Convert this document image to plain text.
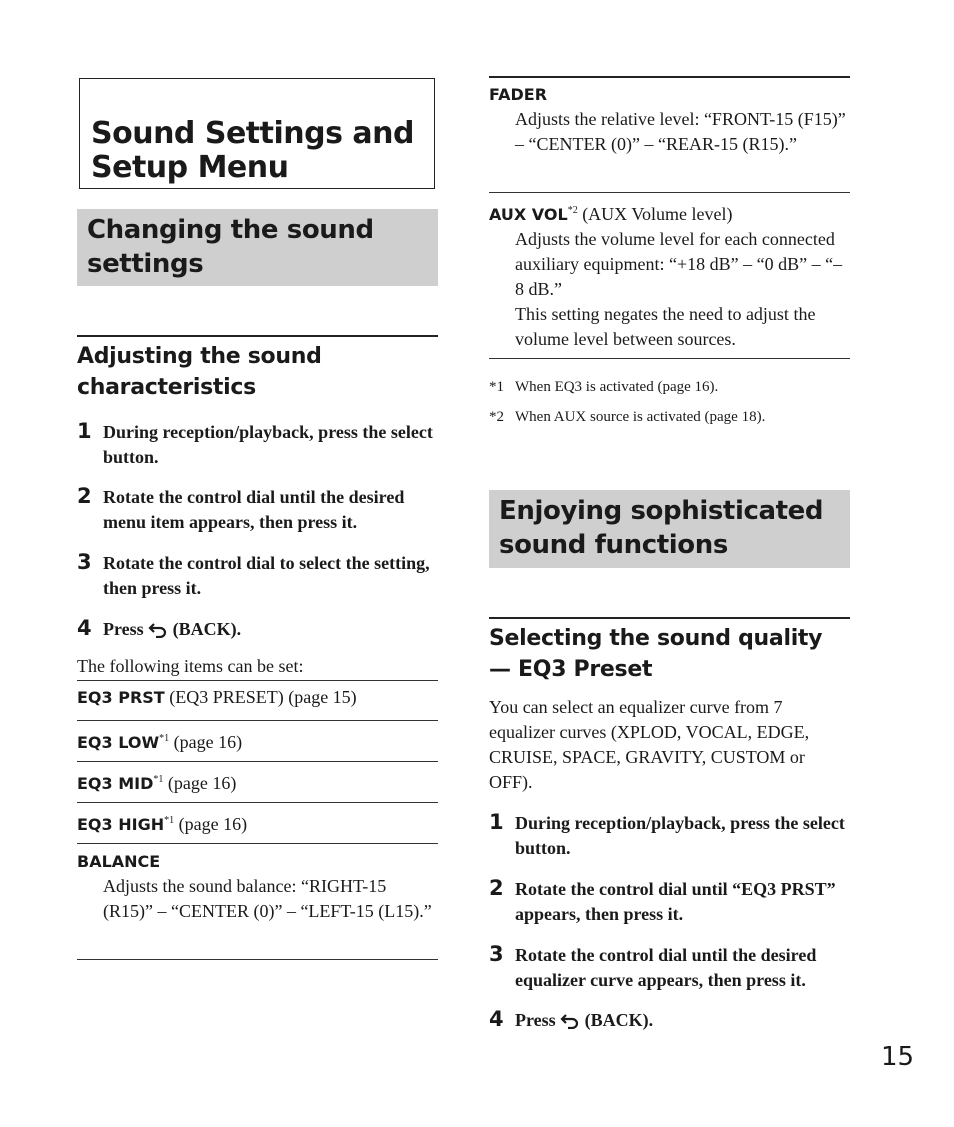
Sound Settings and Setup Menu
Changing the sound settings
Adjusting the sound characteristics
1 During reception/playback, press the select button.
2 Rotate the control dial until the desired menu item appears, then press it.
3 Rotate the control dial to select the setting, then press it.
4 Press (BACK).
The following items can be set:
EQ3 PRST (EQ3 PRESET) (page 15)
EQ3 LOW$^{*1}$ (page 16)
EQ3 MID$^{*1}$ (page 16)
EQ3 HIGH$^{*1}$ (page 16)
BALANCE
Adjusts the sound balance: “RIGHT-15 (R15)” – “CENTER (0)” – “LEFT-15 (L15).”
FADER
Adjusts the relative level: “FRONT-15 (F15)” – “CENTER (0)” – “REAR-15 (R15).”
AUX VOL$^{*2}$ (AUX Volume level)
Adjusts the volume level for each connected auxiliary equipment: “+18 dB” – “0 dB” – “–8 dB.”
This setting negates the need to adjust the volume level between sources.
*1 When EQ3 is activated (page 16).
*2 When AUX source is activated (page 18).
Enjoying sophisticated sound functions
Selecting the sound quality — EQ3 Preset
You can select an equalizer curve from 7 equalizer curves (XPLOD, VOCAL, EDGE, CRUISE, SPACE, GRAVITY, CUSTOM or OFF).
1 During reception/playback, press the select button.
2 Rotate the control dial until “EQ3 PRST” appears, then press it.
3 Rotate the control dial until the desired equalizer curve appears, then press it.
4 Press (BACK).
15
